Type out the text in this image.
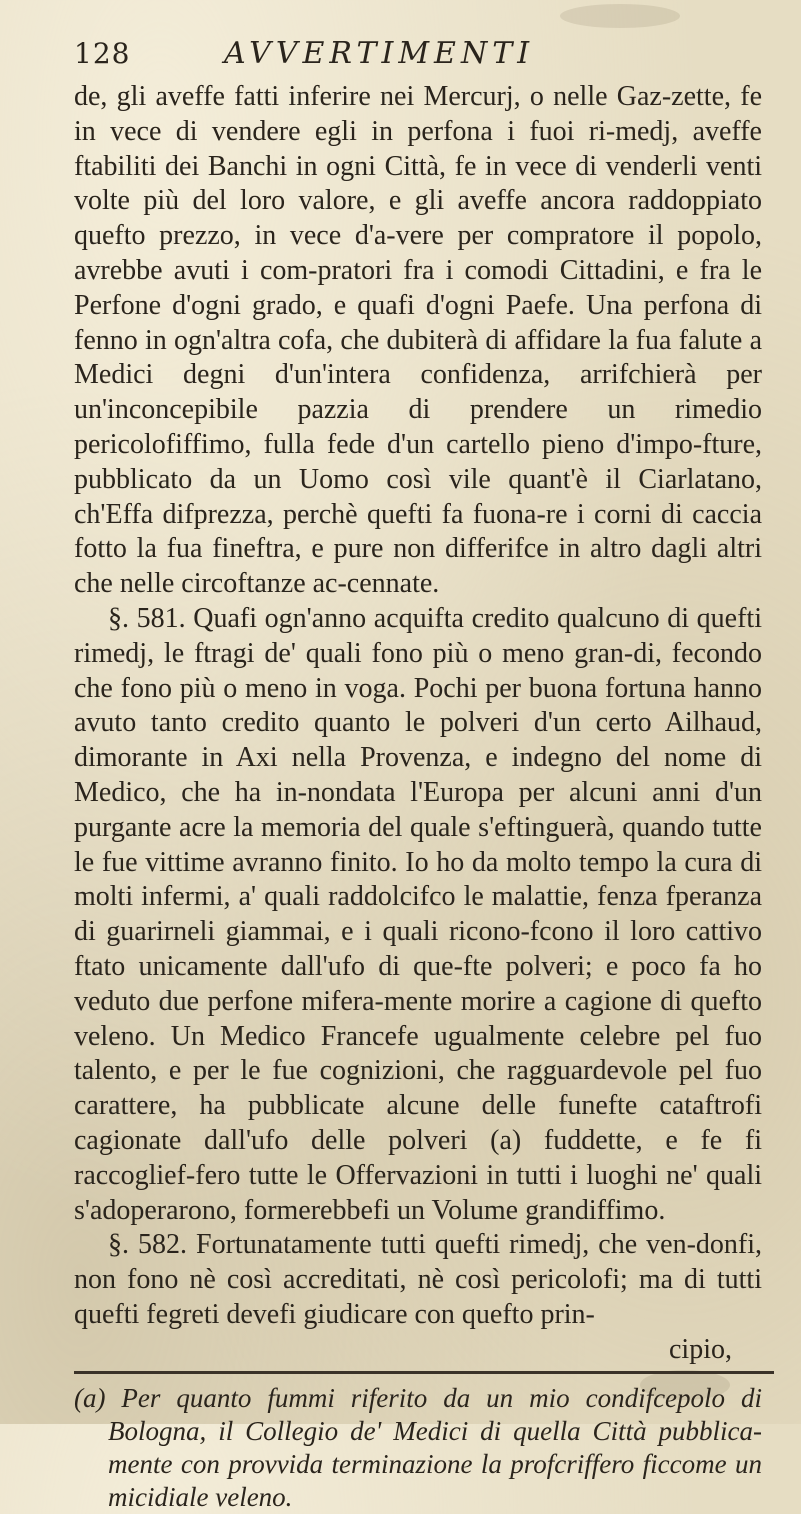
128	AVVERTIMENTI

de, gli aveffe fatti inferire nei Mercurj, o nelle Gaz-zette, fe in vece di vendere egli in perfona i fuoi ri-medj, aveffe ftabiliti dei Banchi in ogni Città, fe in vece di venderli venti volte più del loro valore, e gli aveffe ancora raddoppiato quefto prezzo, in vece d'a-vere per compratore il popolo, avrebbe avuti i com-pratori fra i comodi Cittadini, e fra le Perfone d'ogni grado, e quafi d'ogni Paefe. Una perfona di fenno in ogn'altra cofa, che dubiterà di affidare la fua falute a Medici degni d'un'intera confidenza, arrifchierà per un'inconcepibile pazzia di prendere un rimedio pericolofiffimo, fulla fede d'un cartello pieno d'impo-fture, pubblicato da un Uomo così vile quant'è il Ciarlatano, ch'Effa difprezza, perchè quefti fa fuona-re i corni di caccia fotto la fua fineftra, e pure non differifce in altro dagli altri che nelle circoftanze ac-cennate.

§. 581. Quafi ogn'anno acquifta credito qualcuno di quefti rimedj, le ftragi de' quali fono più o meno gran-di, fecondo che fono più o meno in voga. Pochi per buona fortuna hanno avuto tanto credito quanto le polveri d'un certo Ailhaud, dimorante in Axi nella Provenza, e indegno del nome di Medico, che ha in-nondata l'Europa per alcuni anni d'un purgante acre la memoria del quale s'eftinguerà, quando tutte le fue vittime avranno finito. Io ho da molto tempo la cura di molti infermi, a' quali raddolcifco le malattie, fenza fperanza di guarirneli giammai, e i quali ricono-fcono il loro cattivo ftato unicamente dall'ufo di que-fte polveri; e poco fa ho veduto due perfone mifera-mente morire a cagione di quefto veleno. Un Medico Francefe ugualmente celebre pel fuo talento, e per le fue cognizioni, che ragguardevole pel fuo carattere, ha pubblicate alcune delle funefte cataftrofi cagionate dall'ufo delle polveri (a) fuddette, e fe fi raccoglief-fero tutte le Offervazioni in tutti i luoghi ne' quali s'adoperarono, formerebbefi un Volume grandiffimo.

§. 582. Fortunatamente tutti quefti rimedj, che ven-donfi, non fono nè così accreditati, nè così pericolofi; ma di tutti quefti fegreti devefi giudicare con quefto prin-

cipio,
(a) Per quanto fummi riferito da un mio condifcepolo di Bologna, il Collegio de' Medici di quella Città pubblica-mente con provvida terminazione la profcriffero ficcome un micidiale veleno.
